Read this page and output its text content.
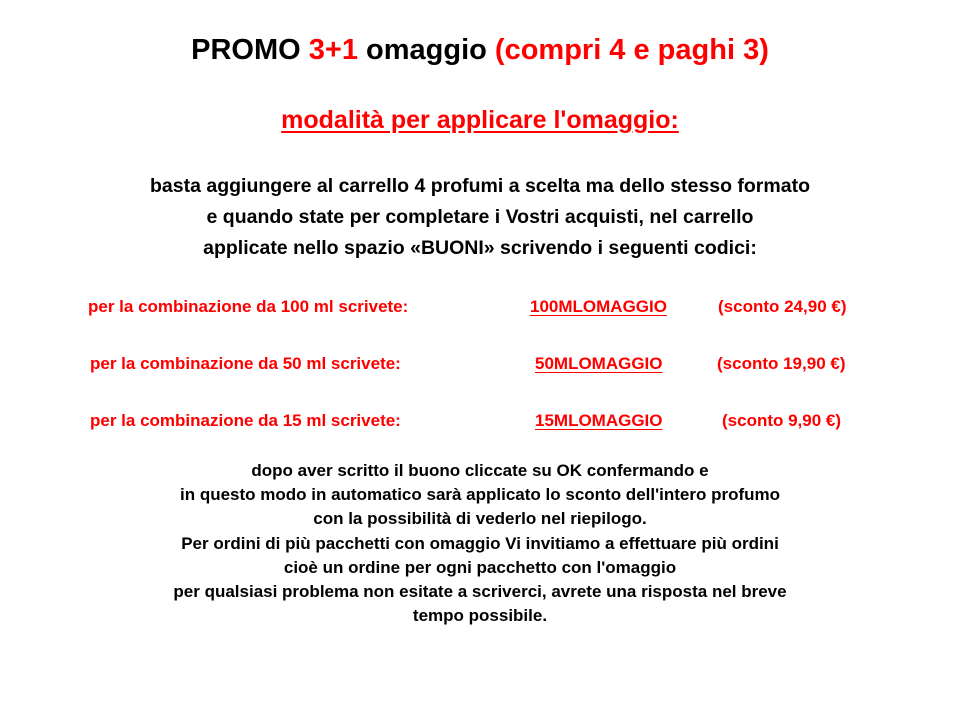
PROMO 3+1 omaggio (compri 4 e paghi 3)
modalità per applicare l'omaggio:
basta aggiungere al carrello 4 profumi a scelta ma dello stesso formato
e quando state per completare i Vostri acquisti, nel carrello
applicate nello spazio «BUONI» scrivendo i seguenti codici:
per la combinazione da 100 ml scrivete:	100MLOMAGGIO	(sconto 24,90 €)
per la combinazione da 50 ml scrivete:	50MLOMAGGIO	(sconto 19,90 €)
per la combinazione da 15 ml scrivete:	15MLOMAGGIO	(sconto 9,90 €)
dopo aver scritto il buono cliccate su OK confermando e
in questo modo in automatico sarà applicato lo sconto dell'intero profumo
con la possibilità di vederlo nel riepilogo.
Per ordini di più pacchetti con omaggio Vi invitiamo a effettuare più ordini
cioè un ordine per ogni pacchetto con l'omaggio
per qualsiasi problema non esitate a scriverci, avrete una risposta nel breve
tempo possibile.
